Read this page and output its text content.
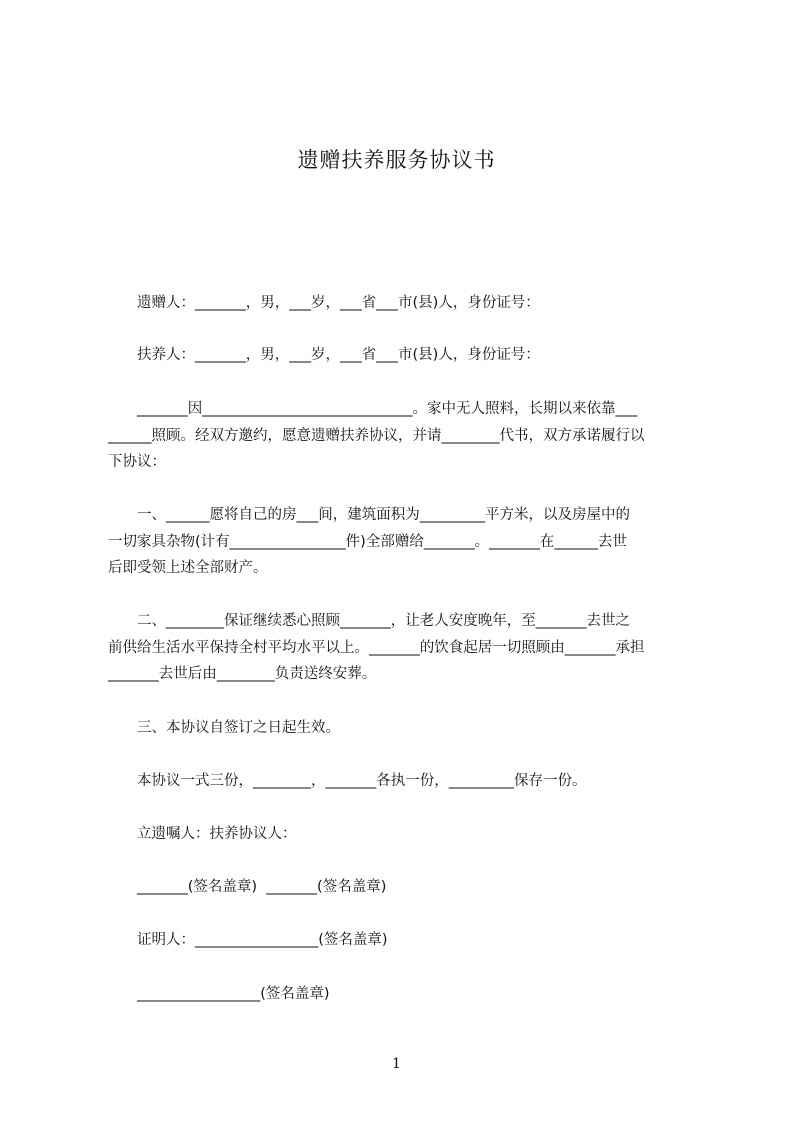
遗赠扶养服务协议书
遗赠人：_______，男，___岁，___省___市(县)人，身份证号：
扶养人：_______，男，___岁，___省___市(县)人，身份证号：
_______因_____________________________。家中无人照料，长期以来依靠___
______照顾。经双方邀约，愿意遗赠扶养协议，并请________代书，双方承诺履行以
下协议：
一、______愿将自己的房___间，建筑面积为_________平方米，以及房屋中的
一切家具杂物(计有________________件)全部赠给_______。_______在______去世
后即受领上述全部财产。
二、________保证继续悉心照顾_______，让老人安度晚年，至_______去世之
前供给生活水平保持全村平均水平以上。_______的饮食起居一切照顾由_______承担
_______去世后由________负责送终安葬。
三、本协议自签订之日起生效。
本协议一式三份，________，_______各执一份，_________保存一份。
立遗嘱人：扶养协议人：
_______(签名盖章)  _______(签名盖章)
证明人：_________________(签名盖章)
_________________(签名盖章)
1
